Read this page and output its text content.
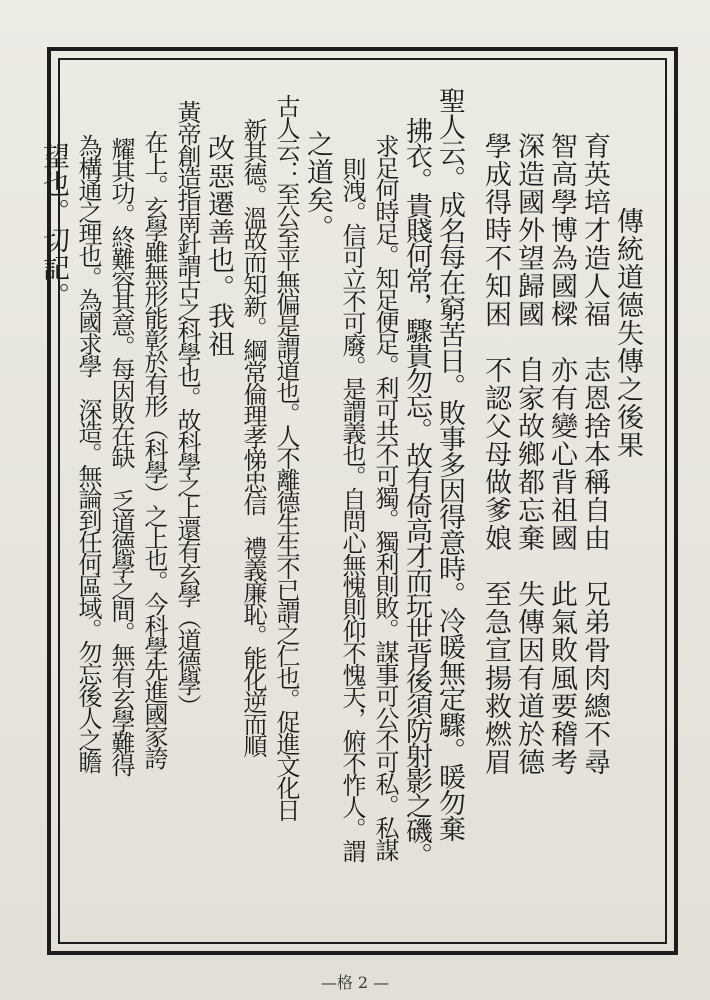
傳統道德失傳之後果
育英培才造人福　志恩捨本稱自由　兄弟骨肉總不尋
智高學博為國樑　亦有變心背祖國　此氣敗風要稽考
深造國外望歸國　自家故鄉都忘棄　失傳因有道於德
學成得時不知困　不認父母做爹娘　至急宣揚救燃眉
聖人云。成名每在窮苦日。敗事多因得意時。冷暖無定驟。暖勿棄
拂衣。貴賤何常，驟貴勿忘。故有倚高才而玩世背後須防射影之磯。
求足何時足。知足便足。利可共不可獨。獨利則敗。謀事可公不可私。私謀
則洩。信可立不可廢。是謂義也。自問心無愧則仰不愧天，俯不怍人。謂
之道矣。
古人云：至公至平無偏是謂道也。人不離德生生不已謂之仁也。促進文化日
新其德。溫故而知新。綱常倫理孝悌忠信　禮義廉恥。能化逆而順
改惡遷善也。我祖
黃帝創造指南針謂古之科學也。故科學之上還有玄學（道德學）
在上。玄學雖無形能彰於有形（科學）之上也。今科學先進國家誇
耀其功。終難容其意。每因敗在缺　乏道德學之間。無有玄學難得
為構通之理也。為國求學　深造。無論到任何區域。勿忘後人之瞻
望也。切記。
—格 2 —
